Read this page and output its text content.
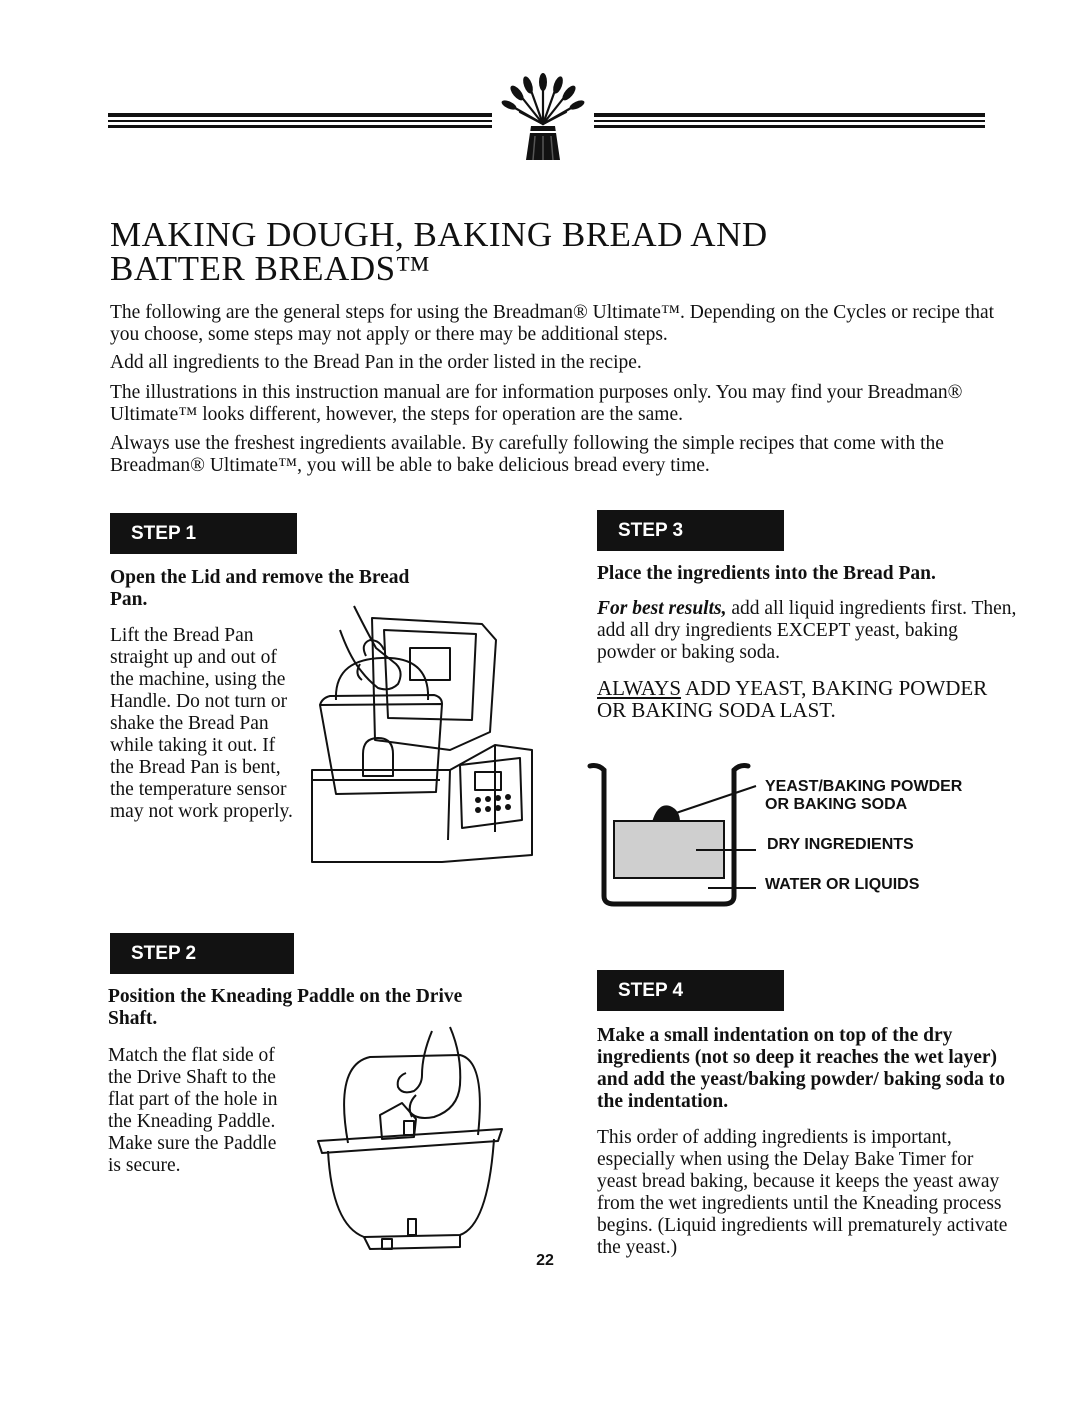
MAKING DOUGH, BAKING BREAD AND
BATTER BREADS™

The following are the general steps for using the Breadman® Ultimate™. Depending on the Cycles or recipe that you choose, some steps may not apply or there may be additional steps.

Add all ingredients to the Bread Pan in the order listed in the recipe.

The illustrations in this instruction manual are for information purposes only. You may find your Breadman® Ultimate™ looks different, however, the steps for operation are the same.

Always use the freshest ingredients available. By carefully following the simple recipes that come with the Breadman® Ultimate™, you will be able to bake delicious bread every time.

STEP 1

Open the Lid and remove the Bread Pan.

Lift the Bread Pan straight up and out of the machine, using the Handle. Do not turn or shake the Bread Pan while taking it out. If the Bread Pan is bent, the temperature sensor may not work properly.

STEP 2

Position the Kneading Paddle on the Drive Shaft.

Match the flat side of the Drive Shaft to the flat part of the hole in the Kneading Paddle. Make sure the Paddle is secure.

STEP 3

Place the ingredients into the Bread Pan.

For best results, add all liquid ingredients first. Then, add all dry ingredients EXCEPT yeast, baking powder or baking soda.

ALWAYS ADD YEAST, BAKING POWDER OR BAKING SODA LAST.

YEAST/BAKING POWDER
OR BAKING SODA

DRY INGREDIENTS

WATER OR LIQUIDS

STEP 4

Make a small indentation on top of the dry ingredients (not so deep it reaches the wet layer) and add the yeast/baking powder/ baking soda to the indentation.

This order of adding ingredients is important, especially when using the Delay Bake Timer for yeast bread baking, because it keeps the yeast away from the wet ingredients until the Kneading process begins. (Liquid ingredients will prematurely activate the yeast.)

22
